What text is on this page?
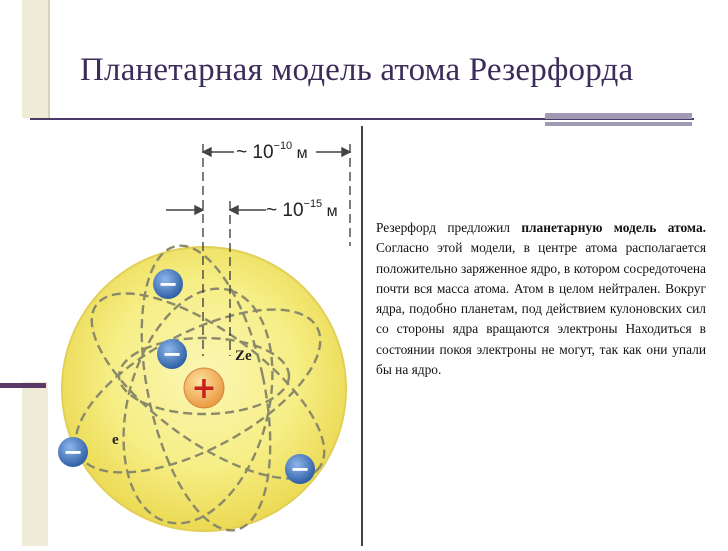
Планетарная модель атома Резерфорда
~ $10^{-10}$ $_м$
~ $10^{-15}$ $_м$
+
Ze
−
−
−
−
e
Резерфорд предложил планетарную модель атома. Согласно этой модели, в центре атома располагается положительно заряженное ядро, в котором сосредоточена почти вся масса атома. Атом в целом нейтрален. Вокруг ядра, подобно планетам, под действием кулоновских сил со стороны ядра вращаются электроны Находиться в состоянии покоя электроны не могут, так как они упали бы на ядро.
